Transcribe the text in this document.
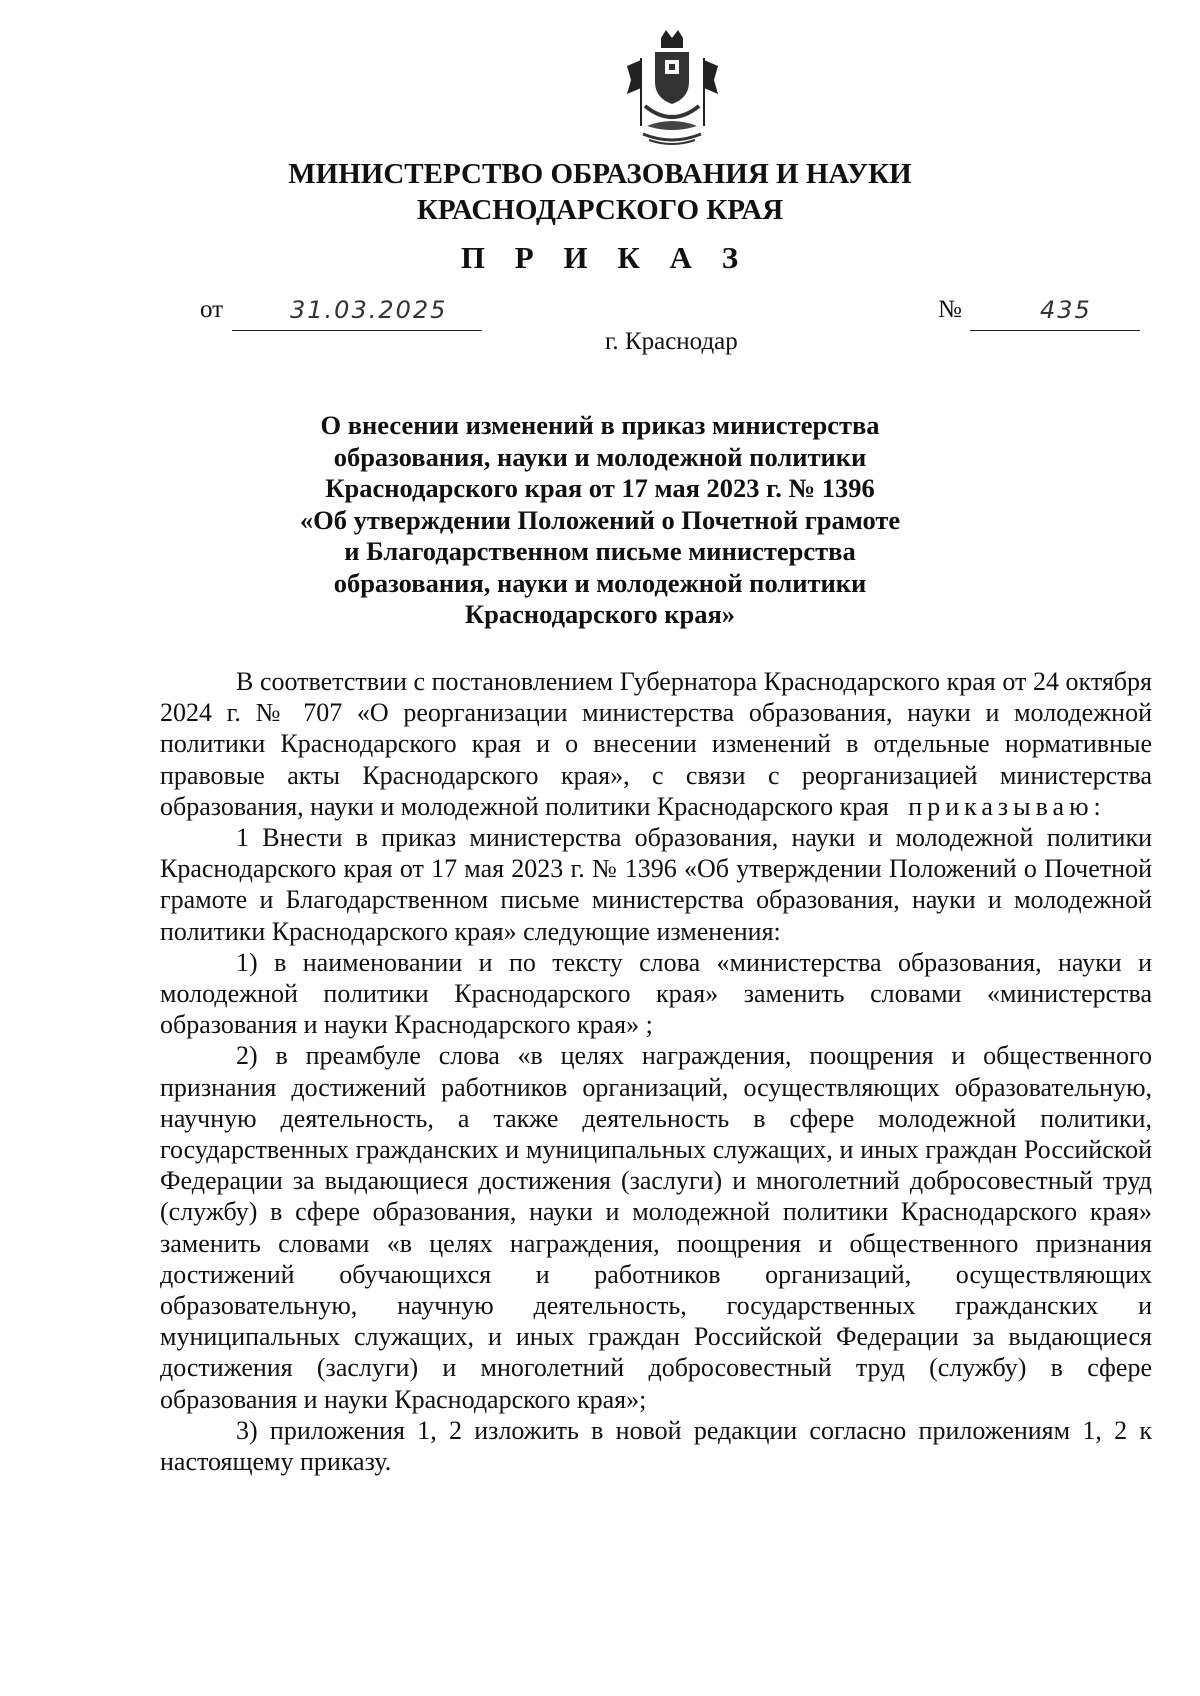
МИНИСТЕРСТВО ОБРАЗОВАНИЯ И НАУКИ
КРАСНОДАРСКОГО КРАЯ
П Р И К А З
от	31.03.2025	№	435
г. Краснодар
О внесении изменений в приказ министерства
образования, науки и молодежной политики
Краснодарского края от 17 мая 2023 г. № 1396
«Об утверждении Положений о Почетной грамоте
и Благодарственном письме министерства
образования, науки и молодежной политики
Краснодарского края»
В соответствии с постановлением Губернатора Краснодарского края от 24 октября 2024 г. № 707 «О реорганизации министерства образования, науки и молодежной политики Краснодарского края и о внесении изменений в отдельные нормативные правовые акты Краснодарского края», с связи с реорганизацией министерства образования, науки и молодежной политики Краснодарского края приказываю:
1 Внести в приказ министерства образования, науки и молодежной политики Краснодарского края от 17 мая 2023 г. № 1396 «Об утверждении Положений о Почетной грамоте и Благодарственном письме министерства образования, науки и молодежной политики Краснодарского края» следующие изменения:
1) в наименовании и по тексту слова «министерства образования, науки и молодежной политики Краснодарского края» заменить словами «министерства образования и науки Краснодарского края» ;
2) в преамбуле слова «в целях награждения, поощрения и общественного признания достижений работников организаций, осуществляющих образовательную, научную деятельность, а также деятельность в сфере молодежной политики, государственных гражданских и муниципальных служащих, и иных граждан Российской Федерации за выдающиеся достижения (заслуги) и многолетний добросовестный труд (службу) в сфере образования, науки и молодежной политики Краснодарского края» заменить словами «в целях награждения, поощрения и общественного признания достижений обучающихся и работников организаций, осуществляющих образовательную, научную деятельность, государственных гражданских и муниципальных служащих, и иных граждан Российской Федерации за выдающиеся достижения (заслуги) и многолетний добросовестный труд (службу) в сфере образования и науки Краснодарского края»;
3) приложения 1, 2 изложить в новой редакции согласно приложениям 1, 2 к настоящему приказу.
